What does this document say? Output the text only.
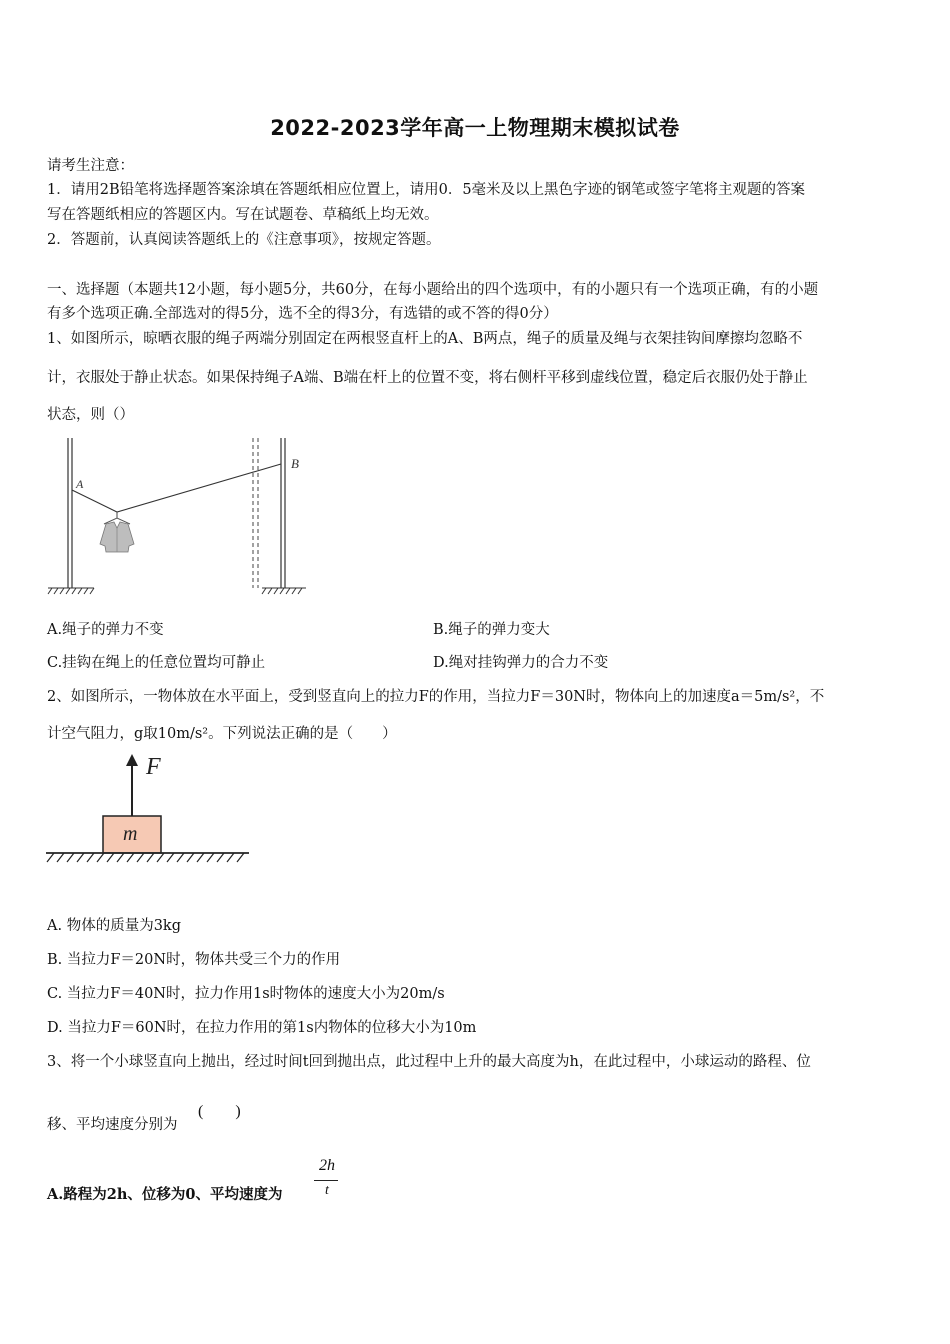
2022-2023学年高一上物理期末模拟试卷
请考生注意：
1．请用2B铅笔将选择题答案涂填在答题纸相应位置上，请用0．5毫米及以上黑色字迹的钢笔或签字笔将主观题的答案
写在答题纸相应的答题区内。写在试题卷、草稿纸上均无效。
2．答题前，认真阅读答题纸上的《注意事项》，按规定答题。
一、选择题（本题共12小题，每小题5分，共60分，在每小题给出的四个选项中，有的小题只有一个选项正确，有的小题
有多个选项正确.全部选对的得5分，选不全的得3分，有选错的或不答的得0分）
1、如图所示，晾晒衣服的绳子两端分别固定在两根竖直杆上的A、B两点，绳子的质量及绳与衣架挂钩间摩擦均忽略不
计，衣服处于静止状态。如果保持绳子A端、B端在杆上的位置不变，将右侧杆平移到虚线位置，稳定后衣服仍处于静止
状态，则（）
A
B
A.绳子的弹力不变	B.绳子的弹力变大
C.挂钩在绳上的任意位置均可静止	D.绳对挂钩弹力的合力不变
2、如图所示，一物体放在水平面上，受到竖直向上的拉力F的作用，当拉力F＝30N时，物体向上的加速度a＝5m/s²，不
计空气阻力，g取10m/s²。下列说法正确的是（　　）
F
m
A. 物体的质量为3kg
B. 当拉力F＝20N时，物体共受三个力的作用
C. 当拉力F＝40N时，拉力作用1s时物体的速度大小为20m/s
D. 当拉力F＝60N时，在拉力作用的第1s内物体的位移大小为10m
3、将一个小球竖直向上抛出，经过时间t回到抛出点，此过程中上升的最大高度为h，在此过程中，小球运动的路程、位
移、平均速度分别为
(　　)
A.路程为2h、位移为0、平均速度为
2h
t
